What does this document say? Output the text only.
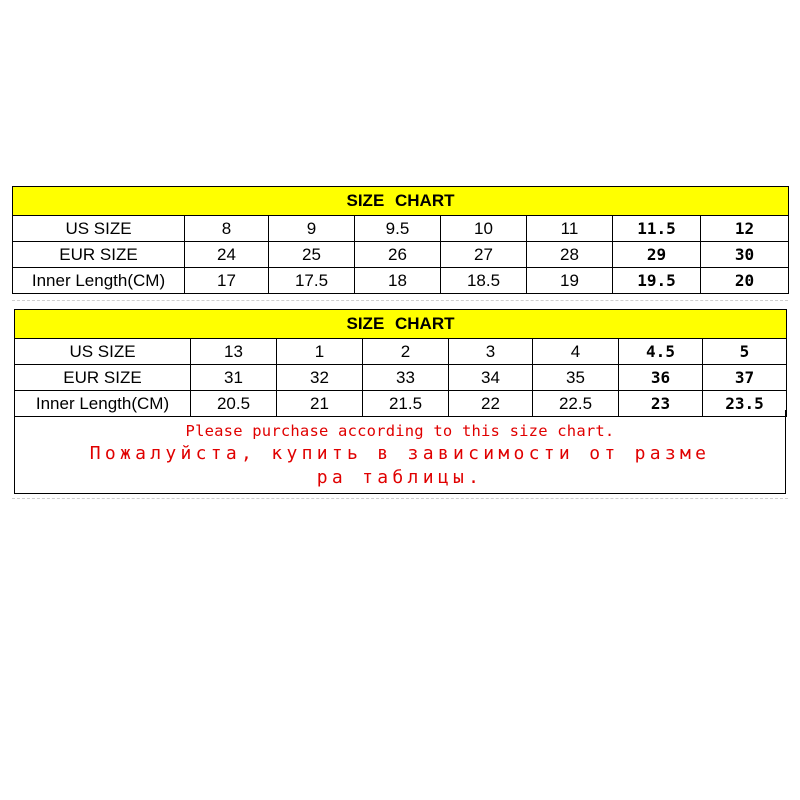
SIZE CHART							
US SIZE	8	9	9.5	10	11	11.5	12
EUR SIZE	24	25	26	27	28	29	30
Inner Length(CM)	17	17.5	18	18.5	19	19.5	20
SIZE CHART							
US SIZE	13	1	2	3	4	4.5	5
EUR SIZE	31	32	33	34	35	36	37
Inner Length(CM)	20.5	21	21.5	22	22.5	23	23.5
Please purchase according to this size chart.
Пожалуйста, купить в зависимости от разме
ра таблицы.
